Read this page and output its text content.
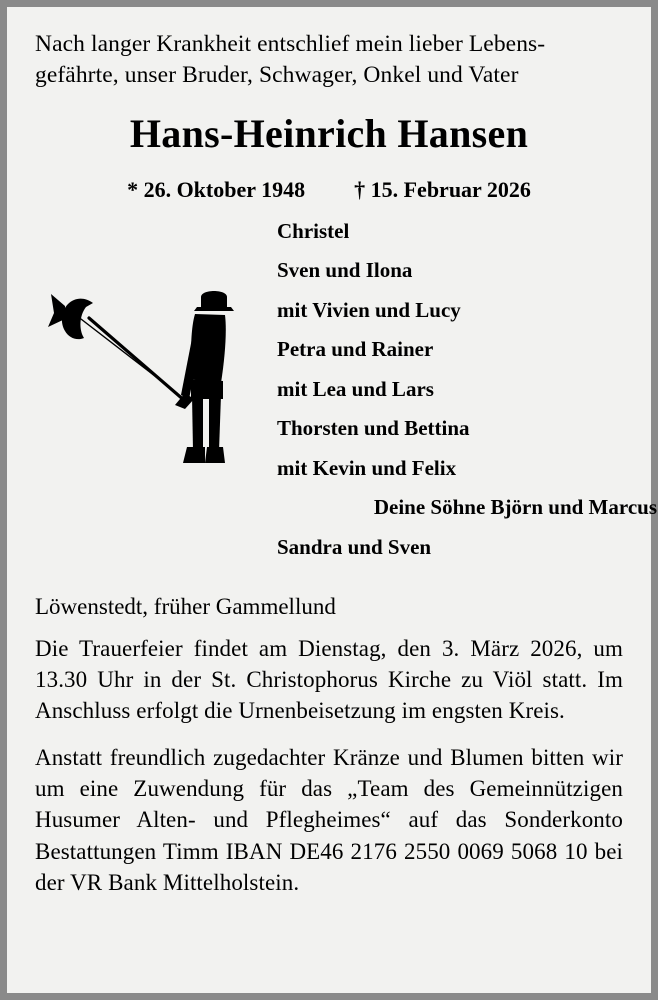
Nach langer Krankheit entschlief mein lieber Lebens-
gefährte, unser Bruder, Schwager, Onkel und Vater
Hans-Heinrich Hansen
* 26. Oktober 1948 † 15. Februar 2026
Christel
Sven und Ilona
mit Vivien und Lucy
Petra und Rainer
mit Lea und Lars
Thorsten und Bettina
mit Kevin und Felix
Deine Söhne Björn und Marcus
Sandra und Sven
Löwenstedt, früher Gammellund
Die Trauerfeier findet am Dienstag, den 3. März 2026, um 13.30 Uhr in der St. Christophorus Kirche zu Viöl statt. Im Anschluss erfolgt die Urnenbeisetzung im engsten Kreis.
Anstatt freundlich zugedachter Kränze und Blumen bitten wir um eine Zuwendung für das „Team des Gemeinnützigen Husumer Alten- und Pflegheimes“ auf das Sonderkonto Bestattungen Timm IBAN DE46 2176 2550 0069 5068 10 bei der VR Bank Mittelholstein.
